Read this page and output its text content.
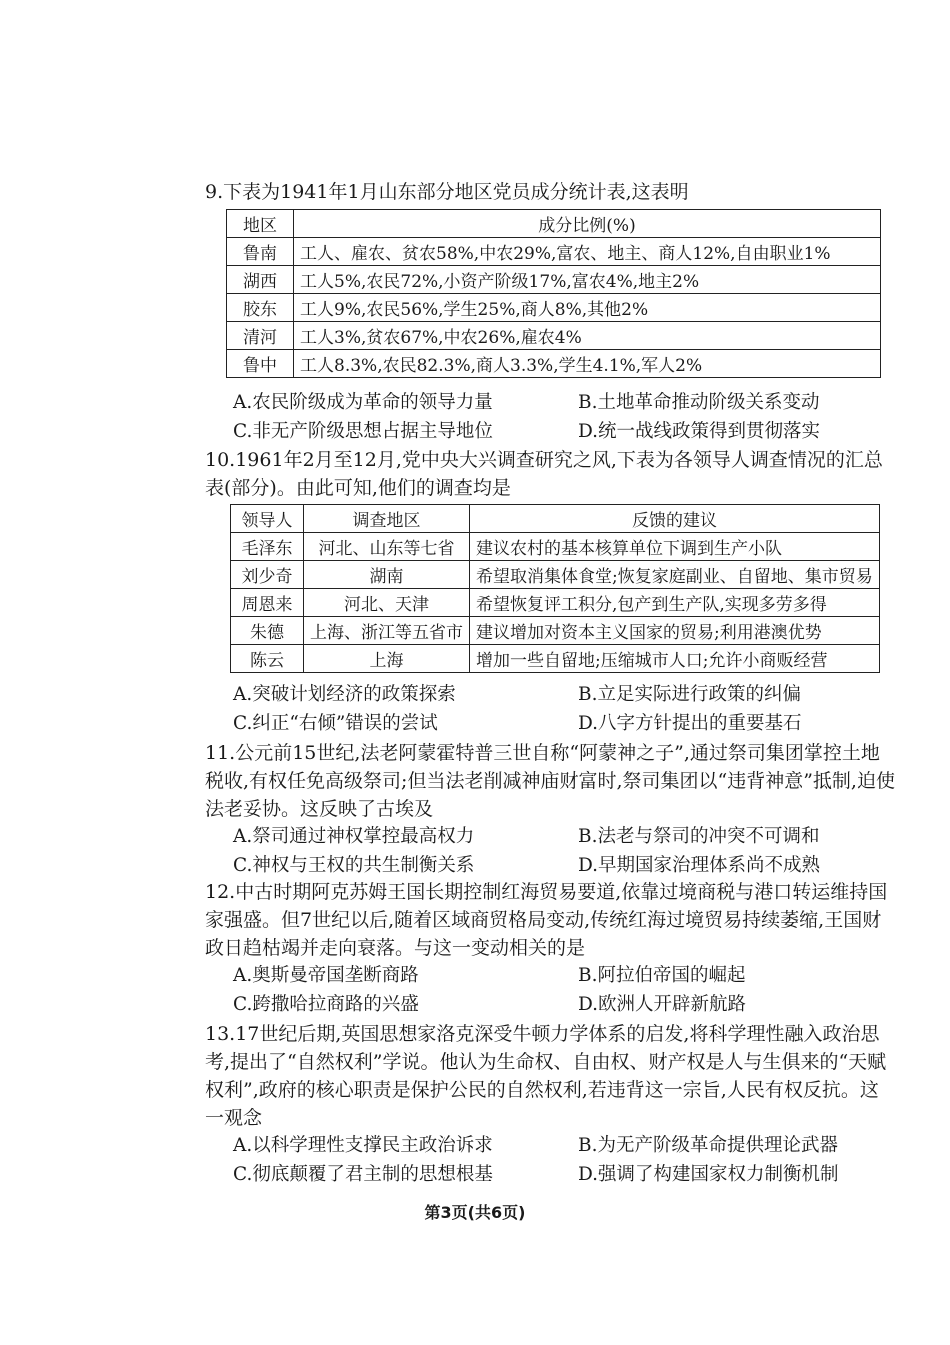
9.下表为1941年1月山东部分地区党员成分统计表,这表明

地区	成分比例(%)
鲁南	工人、雇农、贫农58%,中农29%,富农、地主、商人12%,自由职业1%
湖西	工人5%,农民72%,小资产阶级17%,富农4%,地主2%
胶东	工人9%,农民56%,学生25%,商人8%,其他2%
清河	工人3%,贫农67%,中农26%,雇农4%
鲁中	工人8.3%,农民82.3%,商人3.3%,学生4.1%,军人2%
A.农民阶级成为革命的领导力量	B.土地革命推动阶级关系变动
C.非无产阶级思想占据主导地位	D.统一战线政策得到贯彻落实

10.1961年2月至12月,党中央大兴调查研究之风,下表为各领导人调查情况的汇总表(部分)。由此可知,他们的调查均是

领导人	调查地区	反馈的建议
毛泽东	河北、山东等七省	建议农村的基本核算单位下调到生产小队
刘少奇	湖南	希望取消集体食堂;恢复家庭副业、自留地、集市贸易
周恩来	河北、天津	希望恢复评工积分,包产到生产队,实现多劳多得
朱德	上海、浙江等五省市	建议增加对资本主义国家的贸易;利用港澳优势
陈云	上海	增加一些自留地;压缩城市人口;允许小商贩经营
A.突破计划经济的政策探索	B.立足实际进行政策的纠偏
C.纠正“右倾”错误的尝试	D.八字方针提出的重要基石

11.公元前15世纪,法老阿蒙霍特普三世自称“阿蒙神之子”,通过祭司集团掌控土地税收,有权任免高级祭司;但当法老削减神庙财富时,祭司集团以“违背神意”抵制,迫使法老妥协。这反映了古埃及

A.祭司通过神权掌控最高权力	B.法老与祭司的冲突不可调和
C.神权与王权的共生制衡关系	D.早期国家治理体系尚不成熟

12.中古时期阿克苏姆王国长期控制红海贸易要道,依靠过境商税与港口转运维持国家强盛。但7世纪以后,随着区域商贸格局变动,传统红海过境贸易持续萎缩,王国财政日趋枯竭并走向衰落。与这一变动相关的是

A.奥斯曼帝国垄断商路	B.阿拉伯帝国的崛起
C.跨撒哈拉商路的兴盛	D.欧洲人开辟新航路

13.17世纪后期,英国思想家洛克深受牛顿力学体系的启发,将科学理性融入政治思考,提出了“自然权利”学说。他认为生命权、自由权、财产权是人与生俱来的“天赋权利”,政府的核心职责是保护公民的自然权利,若违背这一宗旨,人民有权反抗。这一观念

A.以科学理性支撑民主政治诉求	B.为无产阶级革命提供理论武器
C.彻底颠覆了君主制的思想根基	D.强调了构建国家权力制衡机制
第3页(共6页)
